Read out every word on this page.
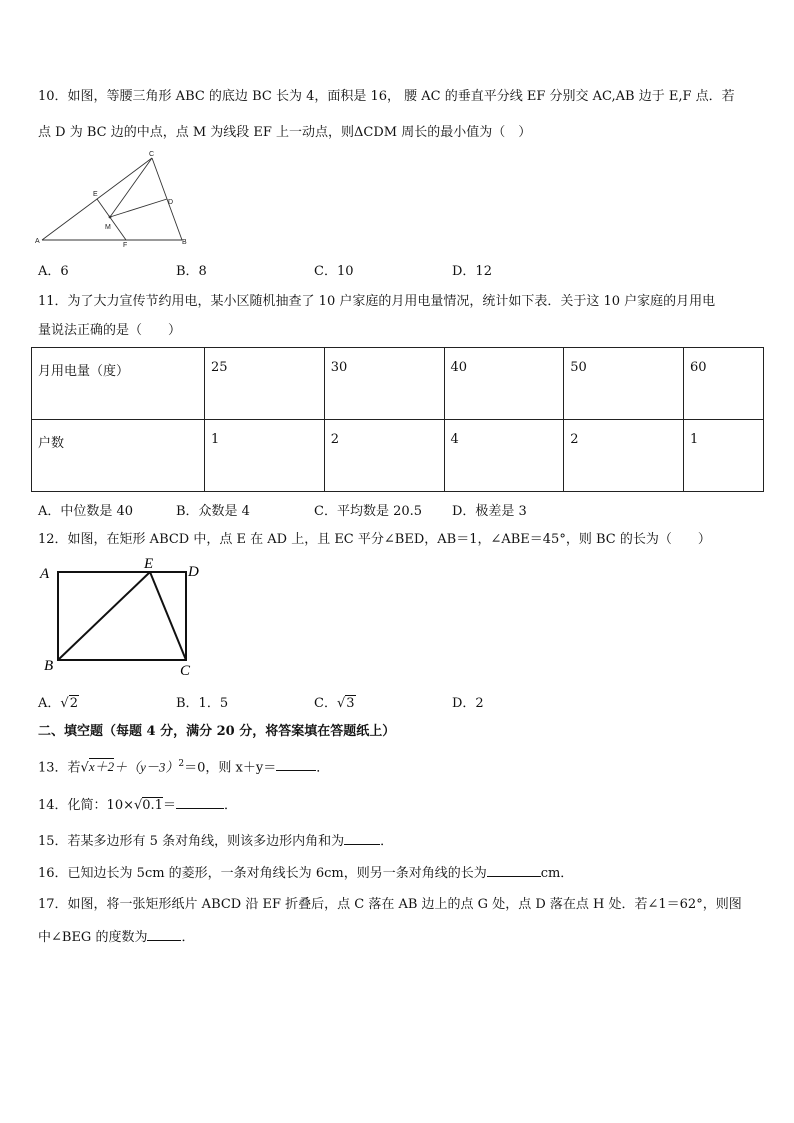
10．如图，等腰三角形 ABC 的底边 BC 长为 4，面积是 16， 腰 AC 的垂直平分线 EF 分别交 AC,AB 边于 E,F 点．若
点 D 为 BC 边的中点，点 M 为线段 EF 上一动点，则ΔCDM 周长的最小值为（　）
A	B
C
D
E
F
M
A．6	B．8	C．10	D．12
11．为了大力宣传节约用电，某小区随机抽查了 10 户家庭的月用电量情况，统计如下表．关于这 10 户家庭的月用电
量说法正确的是（　　）
月用电量（度）	25	30	40	50	60
户数	1	2	4	2	1
A．中位数是 40	B．众数是 4	C．平均数是 20.5 D．极差是 3
12．如图，在矩形 ABCD 中，点 E 在 AD 上，且 EC 平分∠BED，AB＝1，∠ABE＝45°，则 BC 的长为（　　）
A
B	C
D
E
A．√2	B．1．5	C．√3	D．2
二、填空题（每题 4 分，满分 20 分，将答案填在答题纸上）
13．若$√x+2+(y-3)^2=0$，则 x＋y＝	．
14．化简：10×√0.1＝	．
15．若某多边形有 5 条对角线，则该多边形内角和为	．
16．已知边长为 5cm 的菱形，一条对角线长为 6cm，则另一条对角线的长为	cm．
17．如图，将一张矩形纸片 ABCD 沿 EF 折叠后，点 C 落在 AB 边上的点 G 处，点 D 落在点 H 处．若∠1＝62°，则图
中∠BEG 的度数为	．
